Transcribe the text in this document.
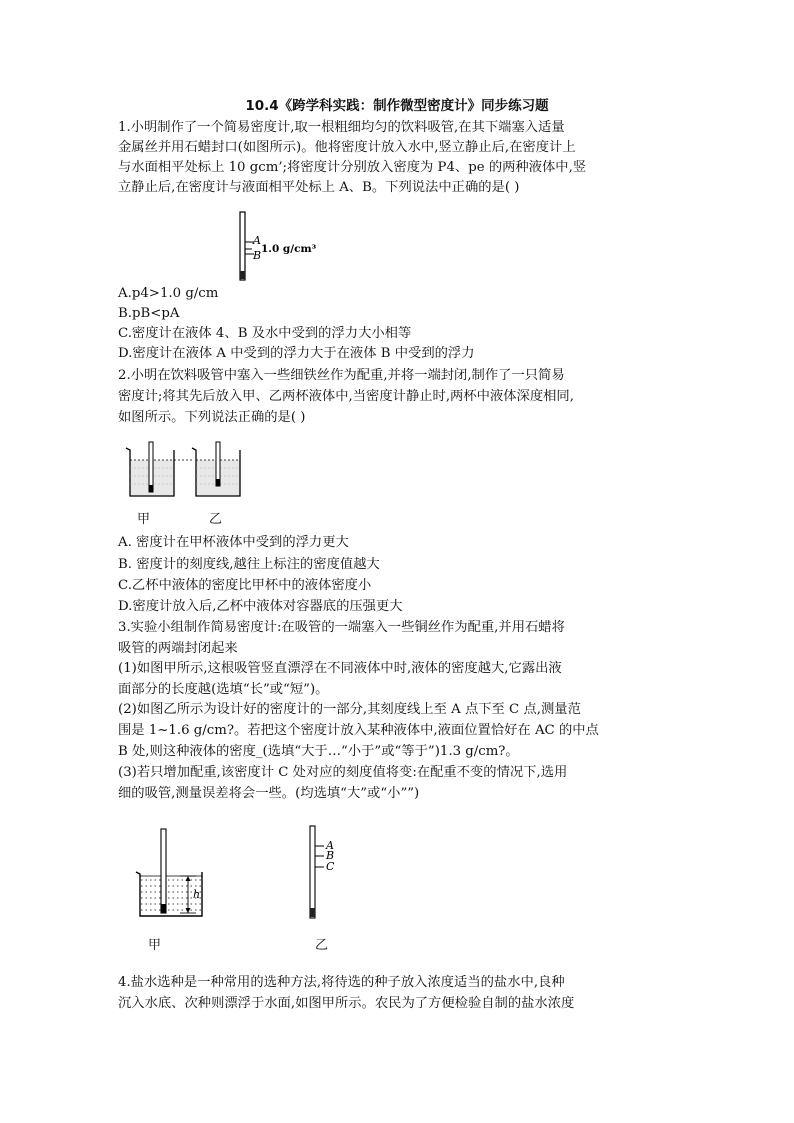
10.4《跨学科实践：制作微型密度计》同步练习题
1.小明制作了一个简易密度计,取一根粗细均匀的饮料吸管,在其下端塞入适量
金属丝并用石蜡封口(如图所示)。他将密度计放入水中,竖立静止后,在密度计上
与水面相平处标上 10 gcm’;将密度计分别放入密度为 P4、pe 的两种液体中,竖
立静止后,在密度计与液面相平处标上 A、B。下列说法中正确的是( )
A
B 1.0 g/cm³
A.p4>1.0 g/cm
B.pB<pA
C.密度计在液体 4、B 及水中受到的浮力大小相等
D.密度计在液体 A 中受到的浮力大于在液体 B 中受到的浮力
2.小明在饮料吸管中塞入一些细铁丝作为配重,并将一端封闭,制作了一只简易
密度计;将其先后放入甲、乙两杯液体中,当密度计静止时,两杯中液体深度相同,
如图所示。下列说法正确的是( )
甲	乙
A. 密度计在甲杯液体中受到的浮力更大
B. 密度计的刻度线,越往上标注的密度值越大
C.乙杯中液体的密度比甲杯中的液体密度小
D.密度计放入后,乙杯中液体对容器底的压强更大
3.实验小组制作简易密度计:在吸管的一端塞入一些铜丝作为配重,并用石蜡将
吸管的两端封闭起来
(1)如图甲所示,这根吸管竖直漂浮在不同液体中时,液体的密度越大,它露出液
面部分的长度越(选填“长”或“短”)。
(2)如图乙所示为设计好的密度计的一部分,其刻度线上至 A 点下至 C 点,测量范
围是 1~1.6 g/cm?。若把这个密度计放入某种液体中,液面位置恰好在 AC 的中点
B 处,则这种液体的密度_(选填“大于…“小于”或“等于”)1.3 g/cm?。
(3)若只增加配重,该密度计 C 处对应的刻度值将变:在配重不变的情况下,选用
细的吸管,测量误差将会一些。(均选填“大”或“小””)
h
甲
A
B
C
乙
4.盐水选种是一种常用的选种方法,将待选的种子放入浓度适当的盐水中,良种
沉入水底、次种则漂浮于水面,如图甲所示。农民为了方便检验自制的盐水浓度
